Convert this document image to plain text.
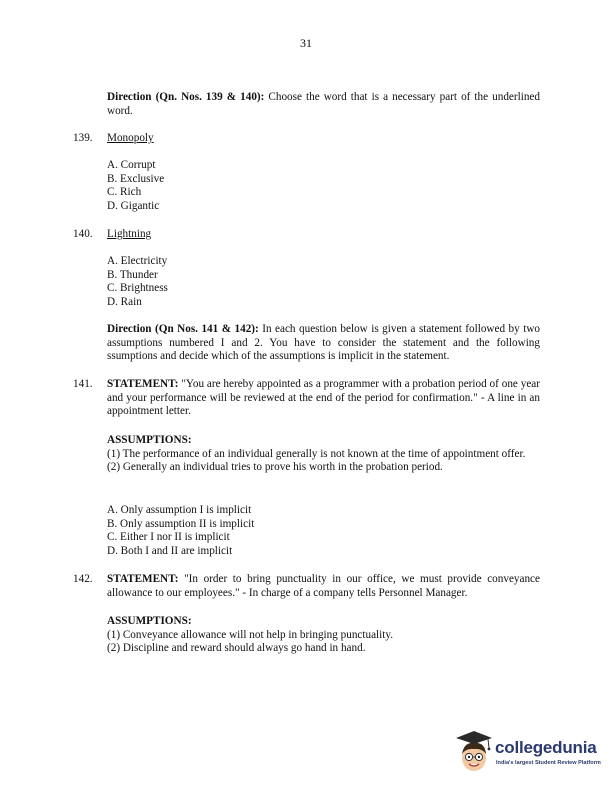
31
Direction (Qn. Nos. 139 & 140): Choose the word that is a necessary part of the underlined word.
139. Monopoly
A. Corrupt
B. Exclusive
C. Rich
D. Gigantic
140. Lightning
A. Electricity
B. Thunder
C. Brightness
D. Rain
Direction (Qn Nos. 141 & 142): In each question below is given a statement followed by two assumptions numbered I and 2. You have to consider the statement and the following ssumptions and decide which of the assumptions is implicit in the statement.
141. STATEMENT: "You are hereby appointed as a programmer with a probation period of one year and your performance will be reviewed at the end of the period for confirmation." - A line in an appointment letter.
ASSUMPTIONS:
(1) The performance of an individual generally is not known at the time of appointment offer.
(2) Generally an individual tries to prove his worth in the probation period.
A. Only assumption I is implicit
B. Only assumption II is implicit
C. Either I nor II is implicit
D. Both I and II are implicit
142. STATEMENT: "In order to bring punctuality in our office, we must provide conveyance allowance to our employees." - In charge of a company tells Personnel Manager.
ASSUMPTIONS:
(1) Conveyance allowance will not help in bringing punctuality.
(2) Discipline and reward should always go hand in hand.
collegedunia
India's largest Student Review Platform
